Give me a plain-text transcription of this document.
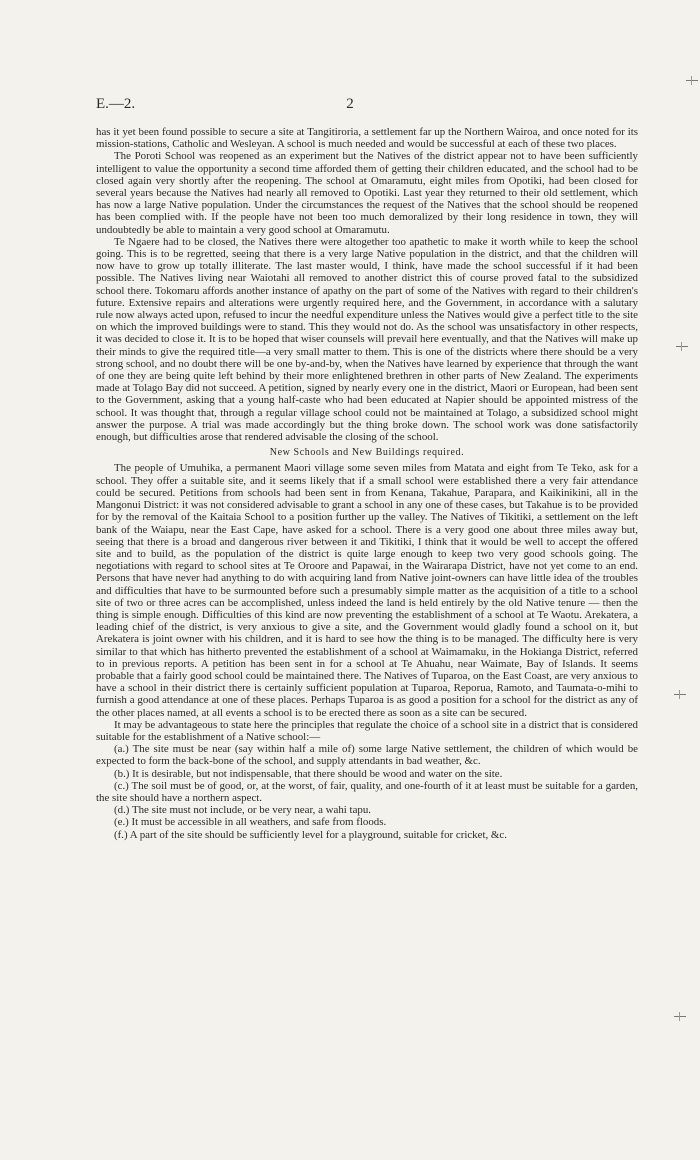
E.—2.	2

has it yet been found possible to secure a site at Tangitiroria, a settlement far up the Northern Wairoa, and once noted for its mission-stations, Catholic and Wesleyan. A school is much needed and would be successful at each of these two places.

The Poroti School was reopened as an experiment but the Natives of the district appear not to have been sufficiently intelligent to value the opportunity a second time afforded them of getting their children educated, and the school had to be closed again very shortly after the reopening. The school at Omaramutu, eight miles from Opotiki, had been closed for several years because the Natives had nearly all removed to Opotiki. Last year they returned to their old settlement, which has now a large Native population. Under the circumstances the request of the Natives that the school should be reopened has been complied with. If the people have not been too much demoralized by their long residence in town, they will undoubtedly be able to maintain a very good school at Omaramutu.

Te Ngaere had to be closed, the Natives there were altogether too apathetic to make it worth while to keep the school going. This is to be regretted, seeing that there is a very large Native population in the district, and that the children will now have to grow up totally illiterate. The last master would, I think, have made the school successful if it had been possible. The Natives living near Waiotahi all removed to another district this of course proved fatal to the subsidized school there. Tokomaru affords another instance of apathy on the part of some of the Natives with regard to their children's future. Extensive repairs and alterations were urgently required here, and the Government, in accordance with a salutary rule now always acted upon, refused to incur the needful expenditure unless the Natives would give a perfect title to the site on which the improved buildings were to stand. This they would not do. As the school was unsatisfactory in other respects, it was decided to close it. It is to be hoped that wiser counsels will prevail here eventually, and that the Natives will make up their minds to give the required title—a very small matter to them. This is one of the districts where there should be a very strong school, and no doubt there will be one by-and-by, when the Natives have learned by experience that through the want of one they are being quite left behind by their more enlightened brethren in other parts of New Zealand. The experiments made at Tolago Bay did not succeed. A petition, signed by nearly every one in the district, Maori or European, had been sent to the Government, asking that a young half-caste who had been educated at Napier should be appointed mistress of the school. It was thought that, through a regular village school could not be maintained at Tolago, a subsidized school might answer the purpose. A trial was made accordingly but the thing broke down. The school work was done satisfactorily enough, but difficulties arose that rendered advisable the closing of the school.

New Schools and New Buildings required.

The people of Umuhika, a permanent Maori village some seven miles from Matata and eight from Te Teko, ask for a school. They offer a suitable site, and it seems likely that if a small school were established there a very fair attendance could be secured. Petitions from schools had been sent in from Kenana, Takahue, Parapara, and Kaikinikini, all in the Mangonui District: it was not considered advisable to grant a school in any one of these cases, but Takahue is to be provided for by the removal of the Kaitaia School to a position further up the valley. The Natives of Tikitiki, a settlement on the left bank of the Waiapu, near the East Cape, have asked for a school. There is a very good one about three miles away but, seeing that there is a broad and dangerous river between it and Tikitiki, I think that it would be well to accept the offered site and to build, as the population of the district is quite large enough to keep two very good schools going. The negotiations with regard to school sites at Te Oroore and Papawai, in the Wairarapa District, have not yet come to an end. Persons that have never had anything to do with acquiring land from Native joint-owners can have little idea of the troubles and difficulties that have to be surmounted before such a presumably simple matter as the acquisition of a title to a school site of two or three acres can be accomplished, unless indeed the land is held entirely by the old Native tenure — then the thing is simple enough. Difficulties of this kind are now preventing the establishment of a school at Te Waotu. Arekatera, a leading chief of the district, is very anxious to give a site, and the Government would gladly found a school on it, but Arekatera is joint owner with his children, and it is hard to see how the thing is to be managed. The difficulty here is very similar to that which has hitherto prevented the establishment of a school at Waimamaku, in the Hokianga District, referred to in previous reports. A petition has been sent in for a school at Te Ahuahu, near Waimate, Bay of Islands. It seems probable that a fairly good school could be maintained there. The Natives of Tuparoa, on the East Coast, are very anxious to have a school in their district there is certainly sufficient population at Tuparoa, Reporua, Ramoto, and Taumata-o-mihi to furnish a good attendance at one of these places. Perhaps Tuparoa is as good a position for a school for the district as any of the other places named, at all events a school is to be erected there as soon as a site can be secured.

It may be advantageous to state here the principles that regulate the choice of a school site in a district that is considered suitable for the establishment of a Native school:—

(a.) The site must be near (say within half a mile of) some large Native settlement, the children of which would be expected to form the back-bone of the school, and supply attendants in bad weather, &c.

(b.) It is desirable, but not indispensable, that there should be wood and water on the site.

(c.) The soil must be of good, or, at the worst, of fair, quality, and one-fourth of it at least must be suitable for a garden, the site should have a northern aspect.

(d.) The site must not include, or be very near, a wahi tapu.

(e.) It must be accessible in all weathers, and safe from floods.

(f.) A part of the site should be sufficiently level for a playground, suitable for cricket, &c.
